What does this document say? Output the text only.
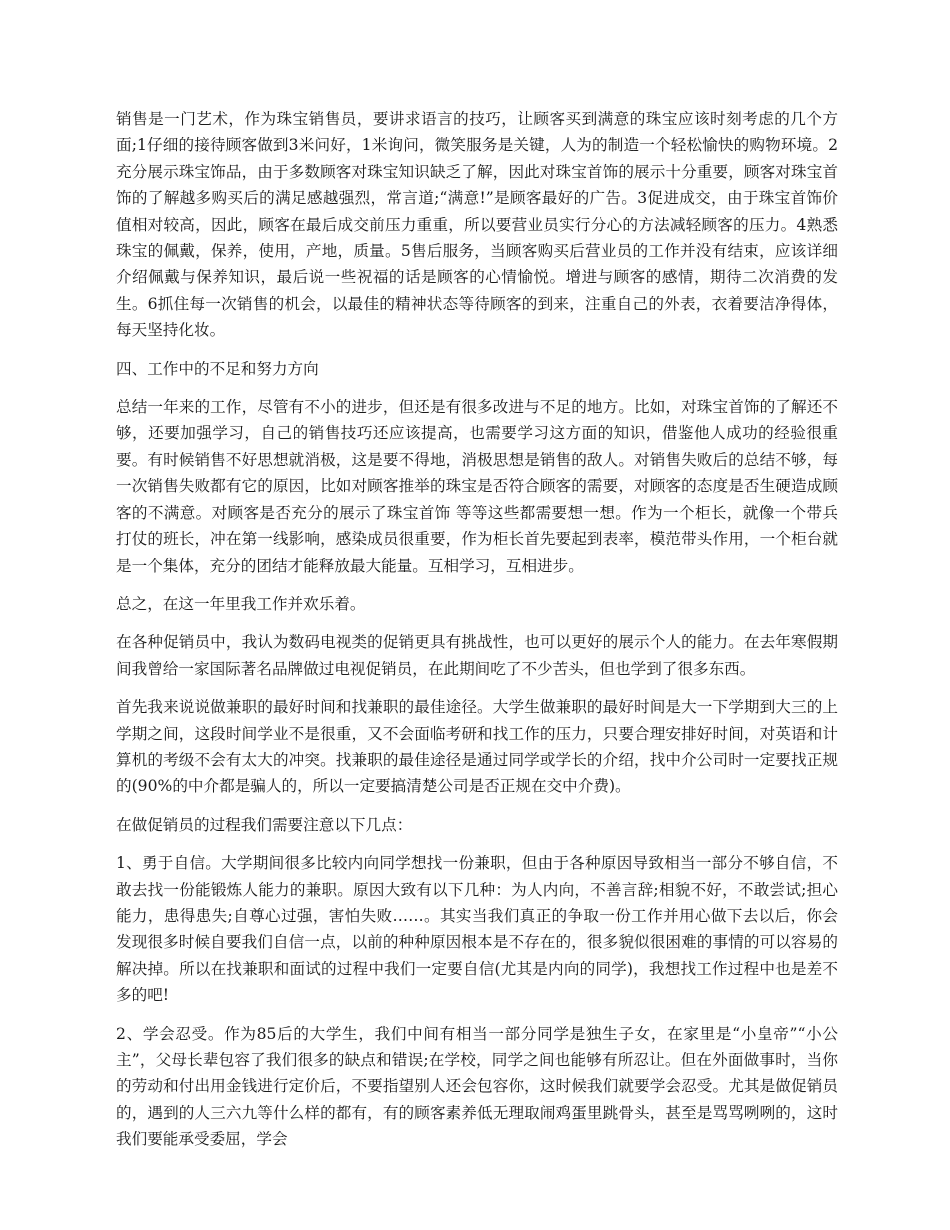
销售是一门艺术，作为珠宝销售员，要讲求语言的技巧，让顾客买到满意的珠宝应该时刻考虑的几个方面;1仔细的接待顾客做到3米问好，1米询问，微笑服务是关键，人为的制造一个轻松愉快的购物环境。2充分展示珠宝饰品，由于多数顾客对珠宝知识缺乏了解，因此对珠宝首饰的展示十分重要，顾客对珠宝首饰的了解越多购买后的满足感越强烈，常言道;“满意!”是顾客最好的广告。3促进成交，由于珠宝首饰价值相对较高，因此，顾客在最后成交前压力重重，所以要营业员实行分心的方法减轻顾客的压力。4熟悉珠宝的佩戴，保养，使用，产地，质量。5售后服务，当顾客购买后营业员的工作并没有结束，应该详细介绍佩戴与保养知识，最后说一些祝福的话是顾客的心情愉悦。增进与顾客的感情，期待二次消费的发生。6抓住每一次销售的机会，以最佳的精神状态等待顾客的到来，注重自己的外表，衣着要洁净得体，每天坚持化妆。

四、工作中的不足和努力方向

总结一年来的工作，尽管有不小的进步，但还是有很多改进与不足的地方。比如，对珠宝首饰的了解还不够，还要加强学习，自己的销售技巧还应该提高，也需要学习这方面的知识，借鉴他人成功的经验很重要。有时候销售不好思想就消极，这是要不得地，消极思想是销售的敌人。对销售失败后的总结不够，每一次销售失败都有它的原因，比如对顾客推举的珠宝是否符合顾客的需要，对顾客的态度是否生硬造成顾客的不满意。对顾客是否充分的展示了珠宝首饰 等等这些都需要想一想。作为一个柜长，就像一个带兵打仗的班长，冲在第一线影响，感染成员很重要，作为柜长首先要起到表率，模范带头作用，一个柜台就是一个集体，充分的团结才能释放最大能量。互相学习，互相进步。

总之，在这一年里我工作并欢乐着。

在各种促销员中，我认为数码电视类的促销更具有挑战性，也可以更好的展示个人的能力。在去年寒假期间我曾给一家国际著名品牌做过电视促销员，在此期间吃了不少苦头，但也学到了很多东西。

首先我来说说做兼职的最好时间和找兼职的最佳途径。大学生做兼职的最好时间是大一下学期到大三的上学期之间，这段时间学业不是很重，又不会面临考研和找工作的压力，只要合理安排好时间，对英语和计算机的考级不会有太大的冲突。找兼职的最佳途径是通过同学或学长的介绍，找中介公司时一定要找正规的(90%的中介都是骗人的，所以一定要搞清楚公司是否正规在交中介费)。

在做促销员的过程我们需要注意以下几点：

1、勇于自信。大学期间很多比较内向同学想找一份兼职，但由于各种原因导致相当一部分不够自信，不敢去找一份能锻炼人能力的兼职。原因大致有以下几种：为人内向，不善言辞;相貌不好，不敢尝试;担心能力，患得患失;自尊心过强，害怕失败……。其实当我们真正的争取一份工作并用心做下去以后，你会发现很多时候自要我们自信一点，以前的种种原因根本是不存在的，很多貌似很困难的事情的可以容易的解决掉。所以在找兼职和面试的过程中我们一定要自信(尤其是内向的同学)，我想找工作过程中也是差不多的吧!

2、学会忍受。作为85后的大学生，我们中间有相当一部分同学是独生子女，在家里是“小皇帝”“小公主”，父母长辈包容了我们很多的缺点和错误;在学校，同学之间也能够有所忍让。但在外面做事时，当你的劳动和付出用金钱进行定价后，不要指望别人还会包容你，这时候我们就要学会忍受。尤其是做促销员的，遇到的人三六九等什么样的都有，有的顾客素养低无理取闹鸡蛋里跳骨头，甚至是骂骂咧咧的，这时我们要能承受委屈，学会
